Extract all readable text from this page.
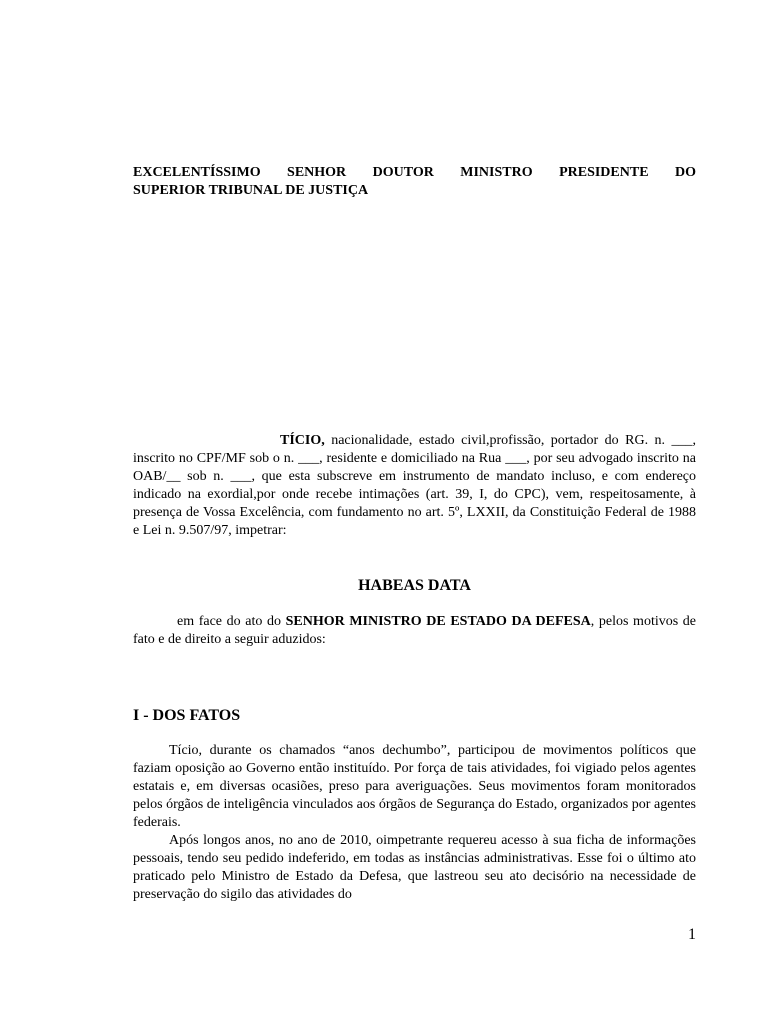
EXCELENTÍSSIMO SENHOR DOUTOR MINISTRO PRESIDENTE DO
SUPERIOR TRIBUNAL DE JUSTIÇA
TÍCIO, nacionalidade, estado civil,profissão, portador do RG. n. ___, inscrito no CPF/MF sob o n. ___, residente e domiciliado na Rua ___, por seu advogado inscrito na OAB/__ sob n. ___, que esta subscreve em instrumento de mandato incluso, e com endereço indicado na exordial,por onde recebe intimações (art. 39, I, do CPC), vem, respeitosamente, à presença de Vossa Excelência, com fundamento no art. 5º, LXXII, da Constituição Federal de 1988 e Lei n. 9.507/97, impetrar:
HABEAS DATA
em face do ato do SENHOR MINISTRO DE ESTADO DA DEFESA, pelos motivos de fato e de direito a seguir aduzidos:
I - DOS FATOS

Tício, durante os chamados “anos dechumbo”, participou de movimentos políticos que faziam oposição ao Governo então instituído. Por força de tais atividades, foi vigiado pelos agentes estatais e, em diversas ocasiões, preso para averiguações. Seus movimentos foram monitorados pelos órgãos de inteligência vinculados aos órgãos de Segurança do Estado, organizados por agentes federais.

Após longos anos, no ano de 2010, oimpetrante requereu acesso à sua ficha de informações pessoais, tendo seu pedido indeferido, em todas as instâncias administrativas. Esse foi o último ato praticado pelo Ministro de Estado da Defesa, que lastreou seu ato decisório na necessidade de preservação do sigilo das atividades do

1
